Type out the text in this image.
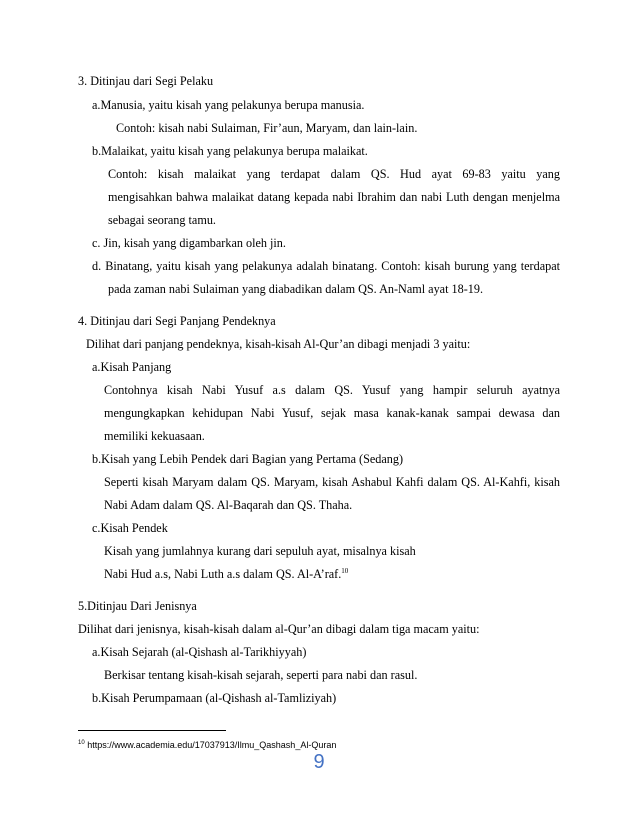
3. Ditinjau dari Segi Pelaku

a.Manusia, yaitu kisah yang pelakunya berupa manusia.

Contoh: kisah nabi Sulaiman, Fir’aun, Maryam, dan lain-lain.

b.Malaikat, yaitu kisah yang pelakunya berupa malaikat.

Contoh: kisah malaikat yang terdapat dalam QS. Hud ayat 69-83 yaitu yang

mengisahkan bahwa malaikat datang kepada nabi Ibrahim dan nabi Luth dengan menjelma

sebagai seorang tamu.

c. Jin, kisah yang digambarkan oleh jin.

d. Binatang, yaitu kisah yang pelakunya adalah binatang. Contoh: kisah burung yang terdapat

pada zaman nabi Sulaiman yang diabadikan dalam QS. An-Naml ayat 18-19.

4. Ditinjau dari Segi Panjang Pendeknya

Dilihat dari panjang pendeknya, kisah-kisah Al-Qur’an dibagi menjadi 3 yaitu:

a.Kisah Panjang

Contohnya kisah Nabi Yusuf a.s dalam QS. Yusuf yang hampir seluruh ayatnya

mengungkapkan kehidupan Nabi Yusuf, sejak masa kanak-kanak sampai dewasa dan

memiliki kekuasaan.

b.Kisah yang Lebih Pendek dari Bagian yang Pertama (Sedang)

Seperti kisah Maryam dalam QS. Maryam, kisah Ashabul Kahfi dalam QS. Al-Kahfi, kisah

Nabi Adam dalam QS. Al-Baqarah dan QS. Thaha.

c.Kisah Pendek

Kisah yang jumlahnya kurang dari sepuluh ayat, misalnya kisah

Nabi Hud a.s, Nabi Luth a.s dalam QS. Al-A’raf.$^{10}$

5.Ditinjau Dari Jenisnya

Dilihat dari jenisnya, kisah-kisah dalam al-Qur’an dibagi dalam tiga macam yaitu:

a.Kisah Sejarah (al-Qishash al-Tarikhiyyah)

Berkisar tentang kisah-kisah sejarah, seperti para nabi dan rasul.

b.Kisah Perumpamaan (al-Qishash al-Tamliziyah)

$^{10}$ https://www.academia.edu/17037913/Ilmu_Qashash_Al-Quran
9
